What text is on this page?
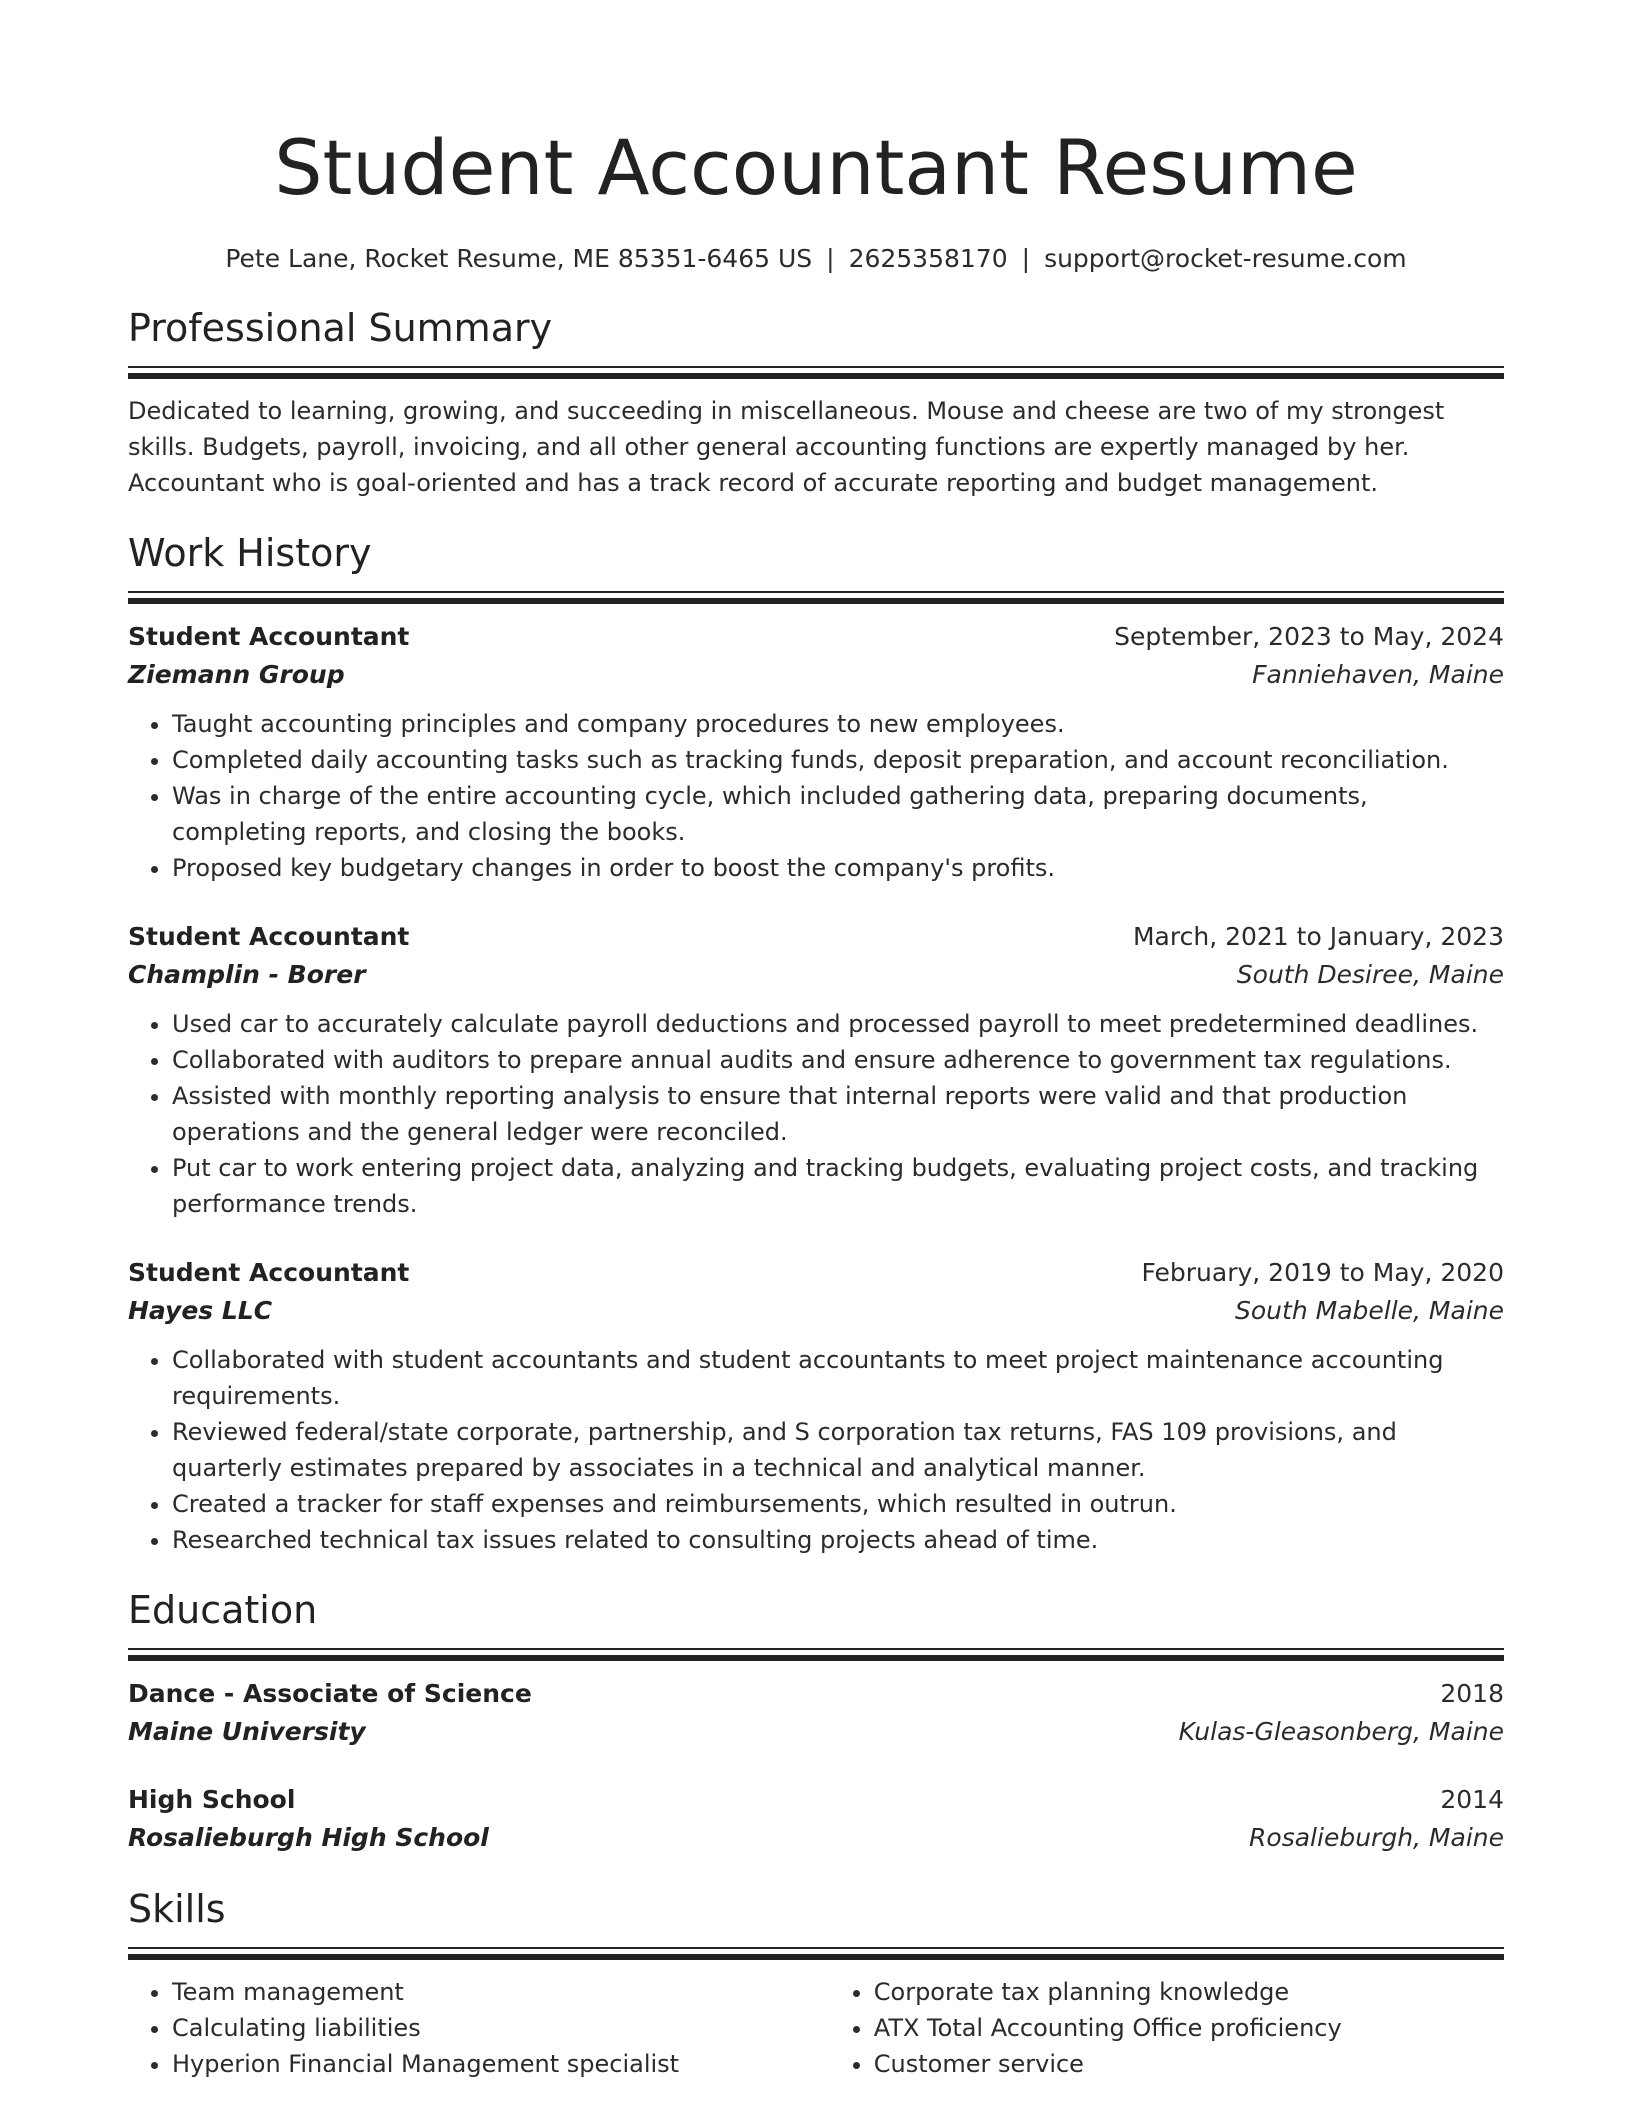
Student Accountant Resume
Pete Lane, Rocket Resume, ME 85351-6465 US | 2625358170 | support@rocket-resume.com
Professional Summary
Dedicated to learning, growing, and succeeding in miscellaneous. Mouse and cheese are two of my strongest skills. Budgets, payroll, invoicing, and all other general accounting functions are expertly managed by her. Accountant who is goal-oriented and has a track record of accurate reporting and budget management.
Work History
Student Accountant	September, 2023 to May, 2024
Ziemann Group	Fanniehaven, Maine
• Taught accounting principles and company procedures to new employees.
• Completed daily accounting tasks such as tracking funds, deposit preparation, and account reconciliation.
• Was in charge of the entire accounting cycle, which included gathering data, preparing documents, completing reports, and closing the books.
• Proposed key budgetary changes in order to boost the company's profits.
Student Accountant	March, 2021 to January, 2023
Champlin - Borer	South Desiree, Maine
• Used car to accurately calculate payroll deductions and processed payroll to meet predetermined deadlines.
• Collaborated with auditors to prepare annual audits and ensure adherence to government tax regulations.
• Assisted with monthly reporting analysis to ensure that internal reports were valid and that production operations and the general ledger were reconciled.
• Put car to work entering project data, analyzing and tracking budgets, evaluating project costs, and tracking performance trends.
Student Accountant	February, 2019 to May, 2020
Hayes LLC	South Mabelle, Maine
• Collaborated with student accountants and student accountants to meet project maintenance accounting requirements.
• Reviewed federal/state corporate, partnership, and S corporation tax returns, FAS 109 provisions, and quarterly estimates prepared by associates in a technical and analytical manner.
• Created a tracker for staff expenses and reimbursements, which resulted in outrun.
• Researched technical tax issues related to consulting projects ahead of time.
Education
Dance - Associate of Science	2018
Maine University	Kulas-Gleasonberg, Maine
High School	2014
Rosalieburgh High School	Rosalieburgh, Maine
Skills
• Team management
• Calculating liabilities
• Hyperion Financial Management specialist
• Corporate tax planning knowledge
• ATX Total Accounting Office proficiency
• Customer service
